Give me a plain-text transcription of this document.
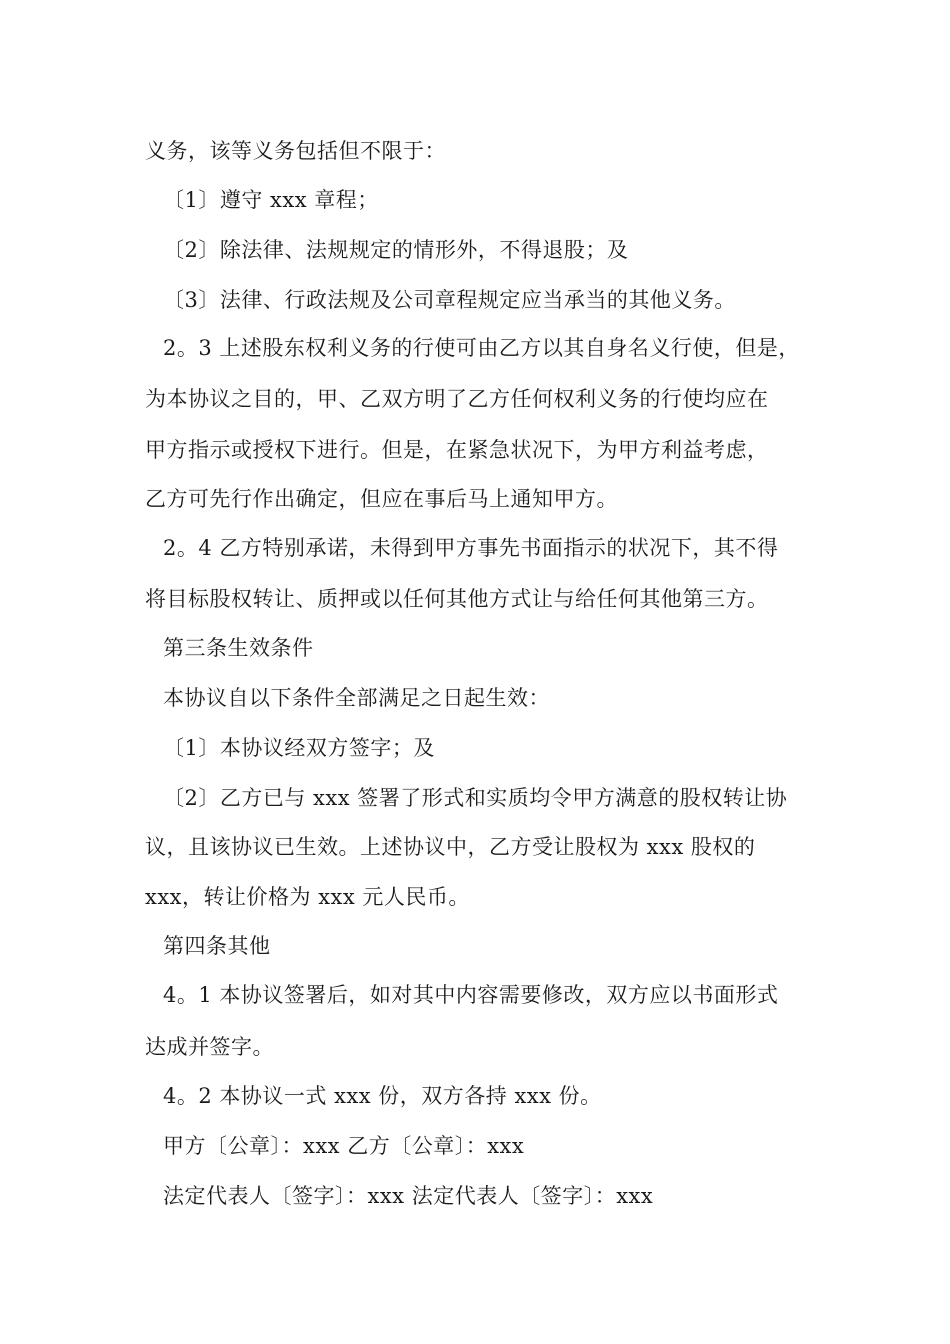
义务，该等义务包括但不限于：
〔1〕遵守 xxx 章程；
〔2〕除法律、法规规定的情形外，不得退股；及
〔3〕法律、行政法规及公司章程规定应当承当的其他义务。
2。3 上述股东权利义务的行使可由乙方以其自身名义行使，但是，
为本协议之目的，甲、乙双方明了乙方任何权利义务的行使均应在
甲方指示或授权下进行。但是，在紧急状况下，为甲方利益考虑，
乙方可先行作出确定，但应在事后马上通知甲方。
2。4 乙方特别承诺，未得到甲方事先书面指示的状况下，其不得
将目标股权转让、质押或以任何其他方式让与给任何其他第三方。
第三条生效条件
本协议自以下条件全部满足之日起生效：
〔1〕本协议经双方签字；及
〔2〕乙方已与 xxx 签署了形式和实质均令甲方满意的股权转让协
议，且该协议已生效。上述协议中，乙方受让股权为 xxx 股权的
xxx，转让价格为 xxx 元人民币。
第四条其他
4。1 本协议签署后，如对其中内容需要修改，双方应以书面形式
达成并签字。
4。2 本协议一式 xxx 份，双方各持 xxx 份。
甲方〔公章〕：xxx 乙方〔公章〕：xxx
法定代表人〔签字〕：xxx 法定代表人〔签字〕：xxx
